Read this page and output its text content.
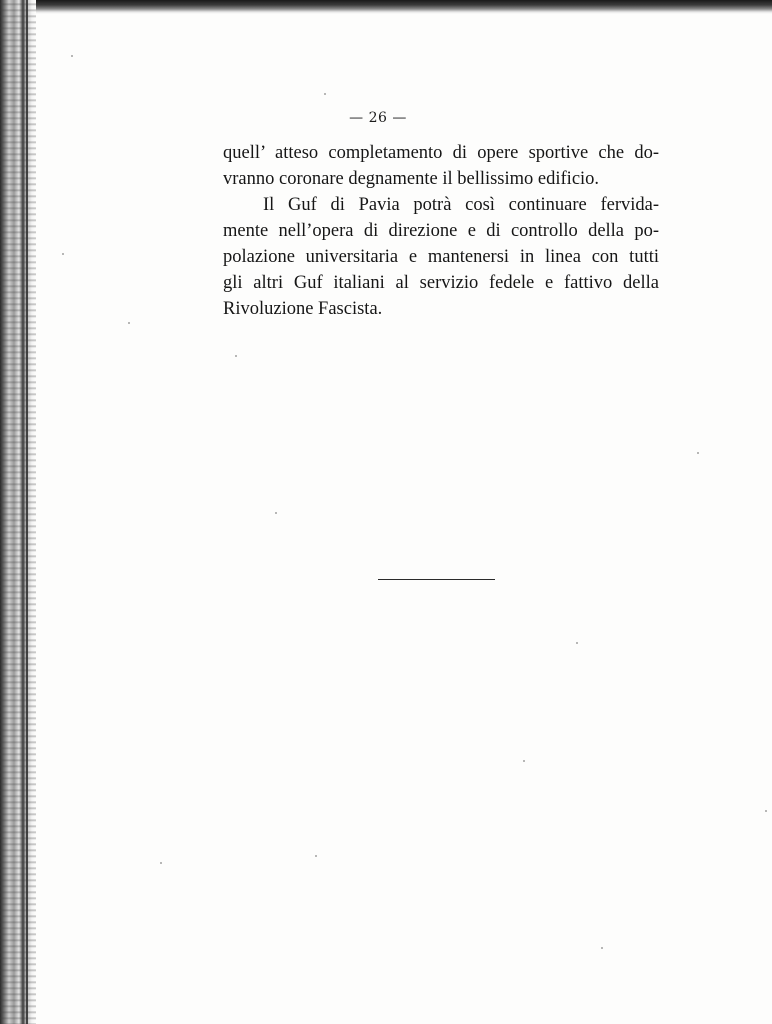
— 26 —
quell’ atteso completamento di opere sportive che do-
vranno coronare degnamente il bellissimo edificio.
Il Guf di Pavia potrà così continuare fervida-
mente nell’opera di direzione e di controllo della po-
polazione universitaria e mantenersi in linea con tutti
gli altri Guf italiani al servizio fedele e fattivo della
Rivoluzione Fascista.
